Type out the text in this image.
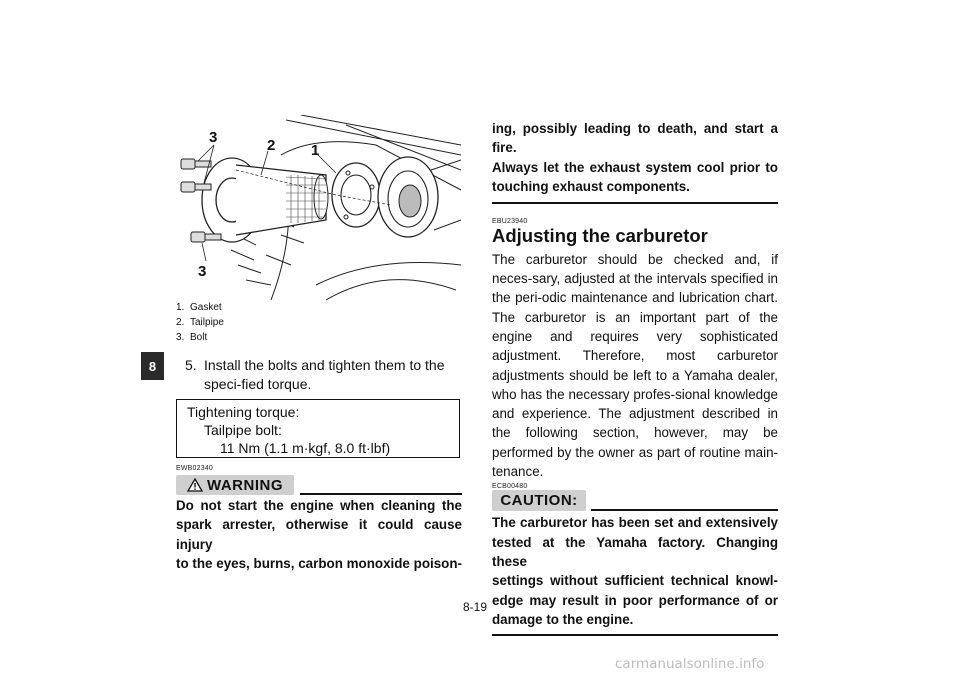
8
3	2 1
3
1. Gasket
2. Tailpipe
3. Bolt
5. Install the bolts and tighten them to the speci-fied torque.
Tightening torque:
Tailpipe bolt:
11 Nm (1.1 m·kgf, 8.0 ft·lbf)
EWB02340
WARNING
Do not start the engine when cleaning the
spark arrester, otherwise it could cause injury
to the eyes, burns, carbon monoxide poison-
ing, possibly leading to death, and start a fire.
Always let the exhaust system cool prior to
touching exhaust components.
EBU23940
Adjusting the carburetor
The carburetor should be checked and, if neces-sary, adjusted at the intervals specified in the peri-odic maintenance and lubrication chart. The carburetor is an important part of the engine and requires very sophisticated adjustment. Therefore, most carburetor adjustments should be left to a Yamaha dealer, who has the necessary profes-sional knowledge and experience. The adjustment described in the following section, however, may be performed by the owner as part of routine main-tenance.
ECB00480
CAUTION:
The carburetor has been set and extensively
tested at the Yamaha factory. Changing these
settings without sufficient technical knowl-
edge may result in poor performance of or
damage to the engine.
8-19
carmanualsonline.info
